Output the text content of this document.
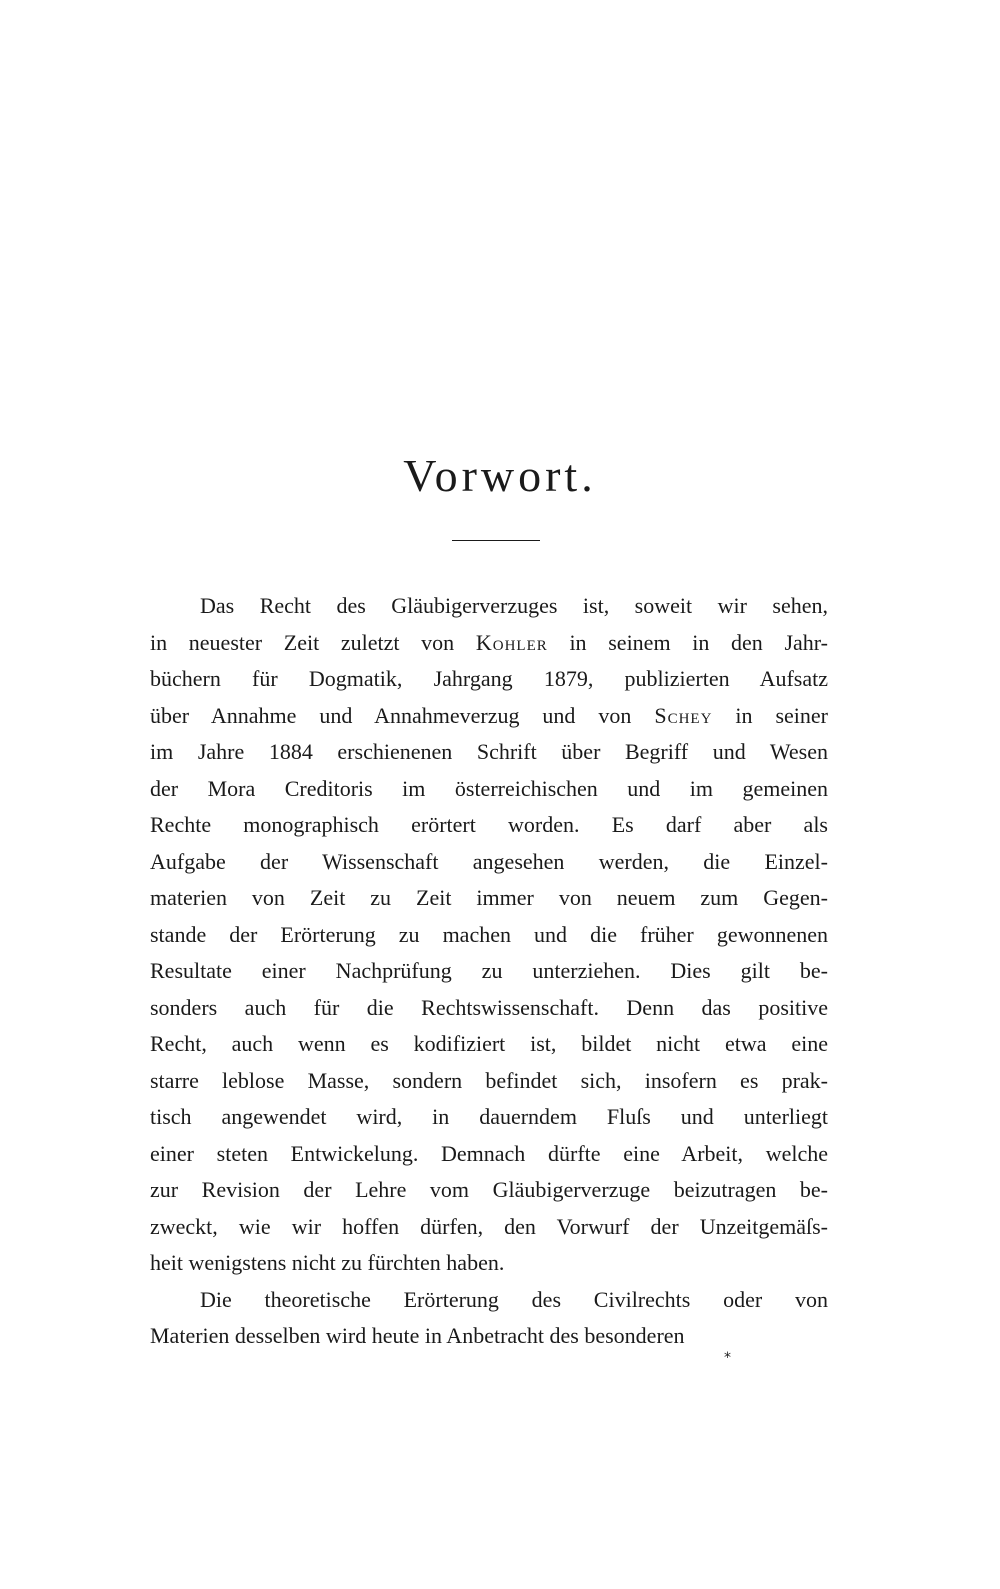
Vorwort.
Das Recht des Gläubigerverzuges ist, soweit wir sehen,
in neuester Zeit zuletzt von Kohler in seinem in den Jahr-
büchern für Dogmatik, Jahrgang 1879, publizierten Aufsatz
über Annahme und Annahmeverzug und von Schey in seiner
im Jahre 1884 erschienenen Schrift über Begriff und Wesen
der Mora Creditoris im österreichischen und im gemeinen
Rechte monographisch erörtert worden. Es darf aber als
Aufgabe der Wissenschaft angesehen werden, die Einzel-
materien von Zeit zu Zeit immer von neuem zum Gegen-
stande der Erörterung zu machen und die früher gewonnenen
Resultate einer Nachprüfung zu unterziehen. Dies gilt be-
sonders auch für die Rechtswissenschaft. Denn das positive
Recht, auch wenn es kodifiziert ist, bildet nicht etwa eine
starre leblose Masse, sondern befindet sich, insofern es prak-
tisch angewendet wird, in dauerndem Fluſs und unterliegt
einer steten Entwickelung. Demnach dürfte eine Arbeit, welche
zur Revision der Lehre vom Gläubigerverzuge beizutragen be-
zweckt, wie wir hoffen dürfen, den Vorwurf der Unzeitgemäſs-
heit wenigstens nicht zu fürchten haben.
Die theoretische Erörterung des Civilrechts oder von
Materien desselben wird heute in Anbetracht des besonderen
*
